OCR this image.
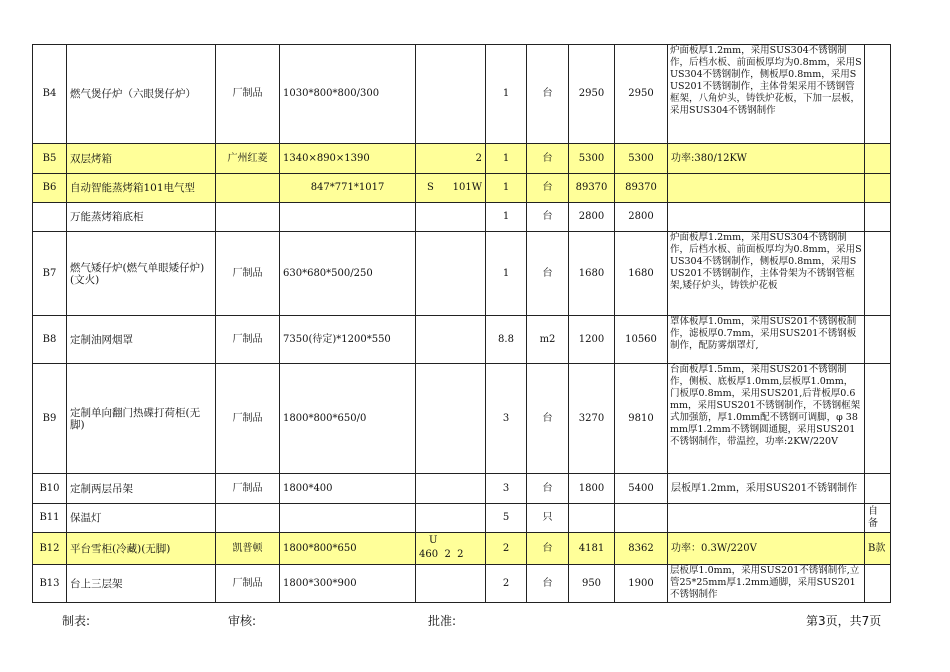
B4	燃气煲仔炉（六眼煲仔炉）	厂制品	1030*800*800/300		1	台	2950	2950	炉面板厚1.2mm，采用SUS304不锈钢制作，后档水板、前面板厚均为0.8mm，采用SUS304不锈钢制作，侧板厚0.8mm，采用SUS201不锈钢制作，主体骨架采用不锈钢管框架，八角炉头，铸铁炉花板，下加一层板，采用SUS304不锈钢制作	
B5	双层烤箱	广州红菱	1340×890×1390	2	1	台	5300	5300	功率:380/12KW	
B6	自动智能蒸烤箱101电气型		847*771*1017	S 101W	1	台	89370	89370		
	万能蒸烤箱底柜				1	台	2800	2800		
B7	燃气矮仔炉(燃气单眼矮仔炉)(文火)	厂制品	630*680*500/250		1	台	1680	1680	炉面板厚1.2mm，采用SUS304不锈钢制作，后档水板、前面板厚均为0.8mm，采用SUS304不锈钢制作，侧板厚0.8mm，采用SUS201不锈钢制作，主体骨架为不锈钢管框架,矮仔炉头，铸铁炉花板	
B8	定制油网烟罩	厂制品	7350(待定)*1200*550		8.8	m2	1200	10560	罩体板厚1.0mm，采用SUS201不锈钢板制作，滤板厚0.7mm，采用SUS201不锈钢板制作，配防雾烟罩灯,	
B9	定制单向翻门热碟打荷柜(无脚)	厂制品	1800*800*650/0		3	台	3270	9810	台面板厚1.5mm，采用SUS201不锈钢制作，侧板、底板厚1.0mm,层板厚1.0mm，门板厚0.8mm，采用SUS201,后背板厚0.6mm，采用SUS201不锈钢制作，不锈钢框架式加强筋，厚1.0mm配不锈钢可调脚，φ 38mm厚1.2mm不锈钢圆通腿，采用SUS201不锈钢制作，带温控，功率:2KW/220V	
B10	定制两层吊架	厂制品	1800*400		3	台	1800	5400	层板厚1.2mm，采用SUS201不锈钢制作	
B11	保温灯				5	只				自备
B12	平台雪柜(冷藏)(无脚)	凯普顿	1800*800*650	U
460  2  2	2	台	4181	8362	功率：0.3W/220V	B款
B13	台上三层架	厂制品	1800*300*900		2	台	950	1900	层板厚1.0mm，采用SUS201不锈钢制作,立管25*25mm厚1.2mm通脚，采用SUS201不锈钢制作	
制表:	审核:	批准:	第3页，共7页
